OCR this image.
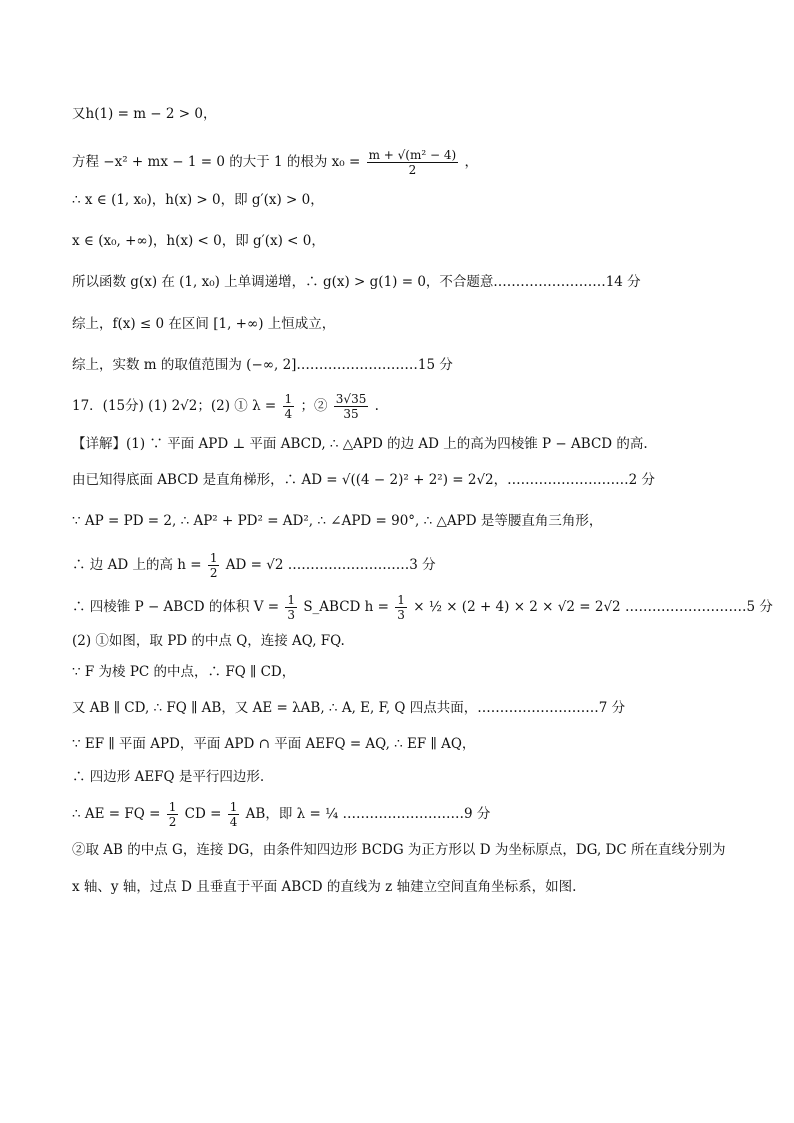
又h(1) = m − 2 > 0，
方程 −x² + mx − 1 = 0 的大于 1 的根为 $x_0 = \frac{\text{m + √(m² − 4)}}{2}$ ，
∴ x ∈ (1, x₀)，h(x) > 0，即 g′(x) > 0，
x ∈ (x₀, +∞)，h(x) < 0，即 g′(x) < 0，
所以函数 g(x) 在 (1, x₀) 上单调递增，∴ g(x) > g(1) = 0，不合题意.……………………14 分
综上，f(x) ≤ 0 在区间 [1, +∞) 上恒成立，
综上，实数 m 的取值范围为 (−∞, 2]………………………15 分
17．(15分) (1) 2√2；(2) ① $\lambda = \frac{1}{4}$ ；② $\frac{3√35}{35}$ .
【详解】(1) ∵ 平面 APD ⊥ 平面 ABCD, ∴ △APD 的边 AD 上的高为四棱锥 P − ABCD 的高.
由已知得底面 ABCD 是直角梯形，∴ AD = √((4 − 2)² + 2²) = 2√2，………………………2 分
∵ AP = PD = 2, ∴ AP² + PD² = AD², ∴ ∠APD = 90°, ∴ △APD 是等腰直角三角形，
∴ 边 AD 上的高 $h = \frac{1}{2}$ AD = √2 ………………………3 分
∴ 四棱锥 P − ABCD 的体积 $V = \frac{1}{3}$ S_ABCD $h = \frac{1}{3}$ × ½ × (2 + 4) × 2 × √2 = 2√2 ………………………5 分
(2) ①如图，取 PD 的中点 Q，连接 AQ, FQ.
∵ F 为棱 PC 的中点，∴ FQ ∥ CD，
又 AB ∥ CD, ∴ FQ ∥ AB，又 AE = λAB, ∴ A, E, F, Q 四点共面，………………………7 分
∵ EF ∥ 平面 APD，平面 APD ∩ 平面 AEFQ = AQ, ∴ EF ∥ AQ，
∴ 四边形 AEFQ 是平行四边形.
∴ AE = FQ = $\frac{1}{2}$ CD = $\frac{1}{4}$ AB，即 λ = ¼ ………………………9 分
②取 AB 的中点 G，连接 DG，由条件知四边形 BCDG 为正方形以 D 为坐标原点，DG, DC 所在直线分别为
x 轴、y 轴，过点 D 且垂直于平面 ABCD 的直线为 z 轴建立空间直角坐标系，如图.
